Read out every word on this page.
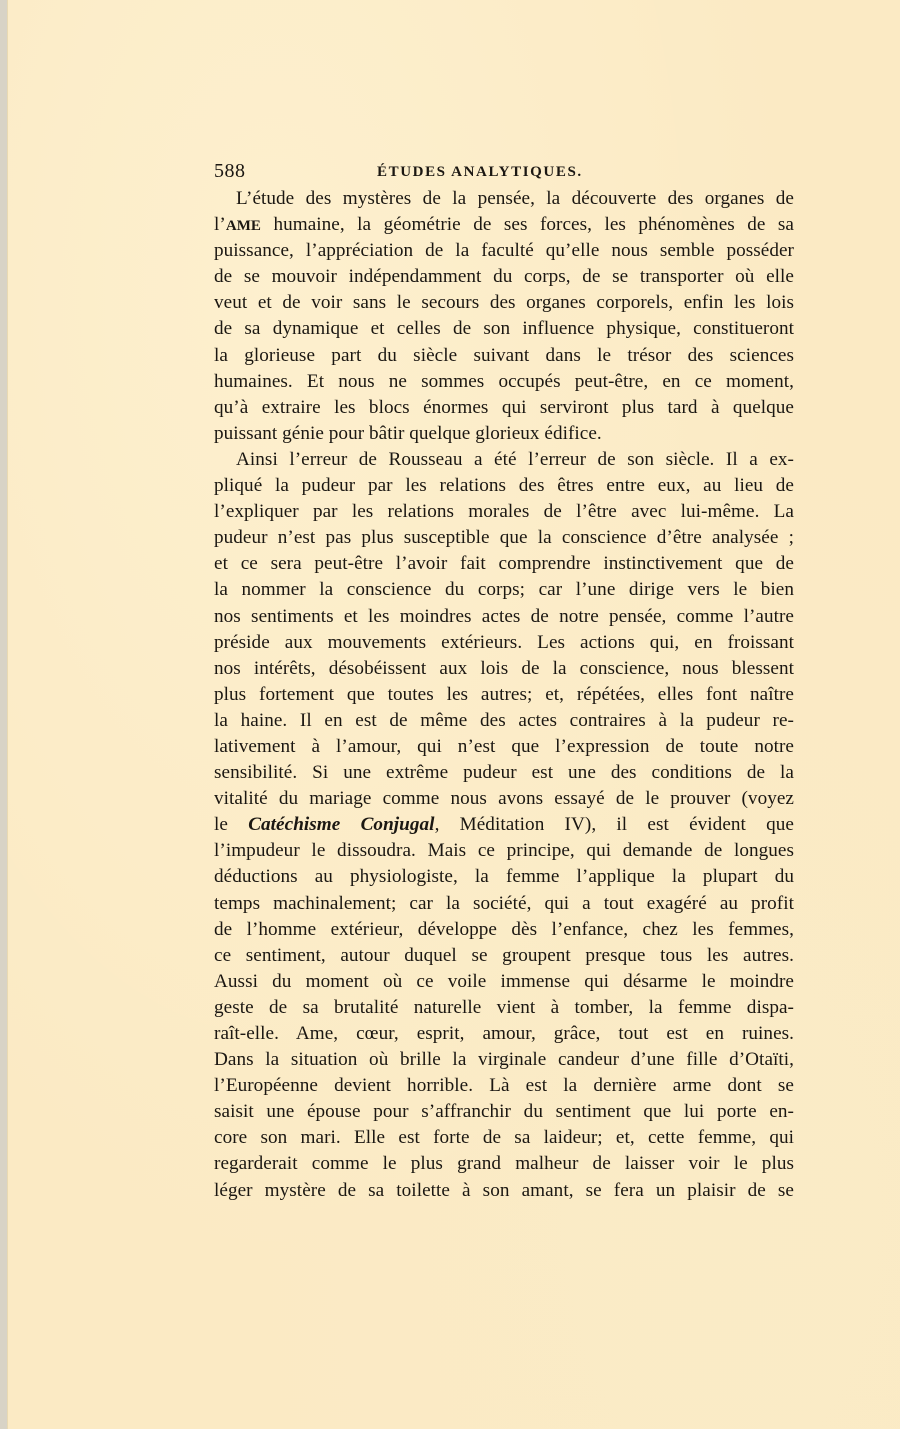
588	ÉTUDES ANALYTIQUES.
L’étude des mystères de la pensée, la découverte des organes de
l’AME humaine, la géométrie de ses forces, les phénomènes de sa
puissance, l’appréciation de la faculté qu’elle nous semble posséder
de se mouvoir indépendamment du corps, de se transporter où elle
veut et de voir sans le secours des organes corporels, enfin les lois
de sa dynamique et celles de son influence physique, constitueront
la glorieuse part du siècle suivant dans le trésor des sciences
humaines. Et nous ne sommes occupés peut-être, en ce moment,
qu’à extraire les blocs énormes qui serviront plus tard à quelque
puissant génie pour bâtir quelque glorieux édifice.
Ainsi l’erreur de Rousseau a été l’erreur de son siècle. Il a ex-
pliqué la pudeur par les relations des êtres entre eux, au lieu de
l’expliquer par les relations morales de l’être avec lui-même. La
pudeur n’est pas plus susceptible que la conscience d’être analysée ;
et ce sera peut-être l’avoir fait comprendre instinctivement que de
la nommer la conscience du corps; car l’une dirige vers le bien
nos sentiments et les moindres actes de notre pensée, comme l’autre
préside aux mouvements extérieurs. Les actions qui, en froissant
nos intérêts, désobéissent aux lois de la conscience, nous blessent
plus fortement que toutes les autres; et, répétées, elles font naître
la haine. Il en est de même des actes contraires à la pudeur re-
lativement à l’amour, qui n’est que l’expression de toute notre
sensibilité. Si une extrême pudeur est une des conditions de la
vitalité du mariage comme nous avons essayé de le prouver (voyez
le Catéchisme Conjugal, Méditation IV), il est évident que
l’impudeur le dissoudra. Mais ce principe, qui demande de longues
déductions au physiologiste, la femme l’applique la plupart du
temps machinalement; car la société, qui a tout exagéré au profit
de l’homme extérieur, développe dès l’enfance, chez les femmes,
ce sentiment, autour duquel se groupent presque tous les autres.
Aussi du moment où ce voile immense qui désarme le moindre
geste de sa brutalité naturelle vient à tomber, la femme dispa-
raît-elle. Ame, cœur, esprit, amour, grâce, tout est en ruines.
Dans la situation où brille la virginale candeur d’une fille d’Otaïti,
l’Européenne devient horrible. Là est la dernière arme dont se
saisit une épouse pour s’affranchir du sentiment que lui porte en-
core son mari. Elle est forte de sa laideur; et, cette femme, qui
regarderait comme le plus grand malheur de laisser voir le plus
léger mystère de sa toilette à son amant, se fera un plaisir de se
